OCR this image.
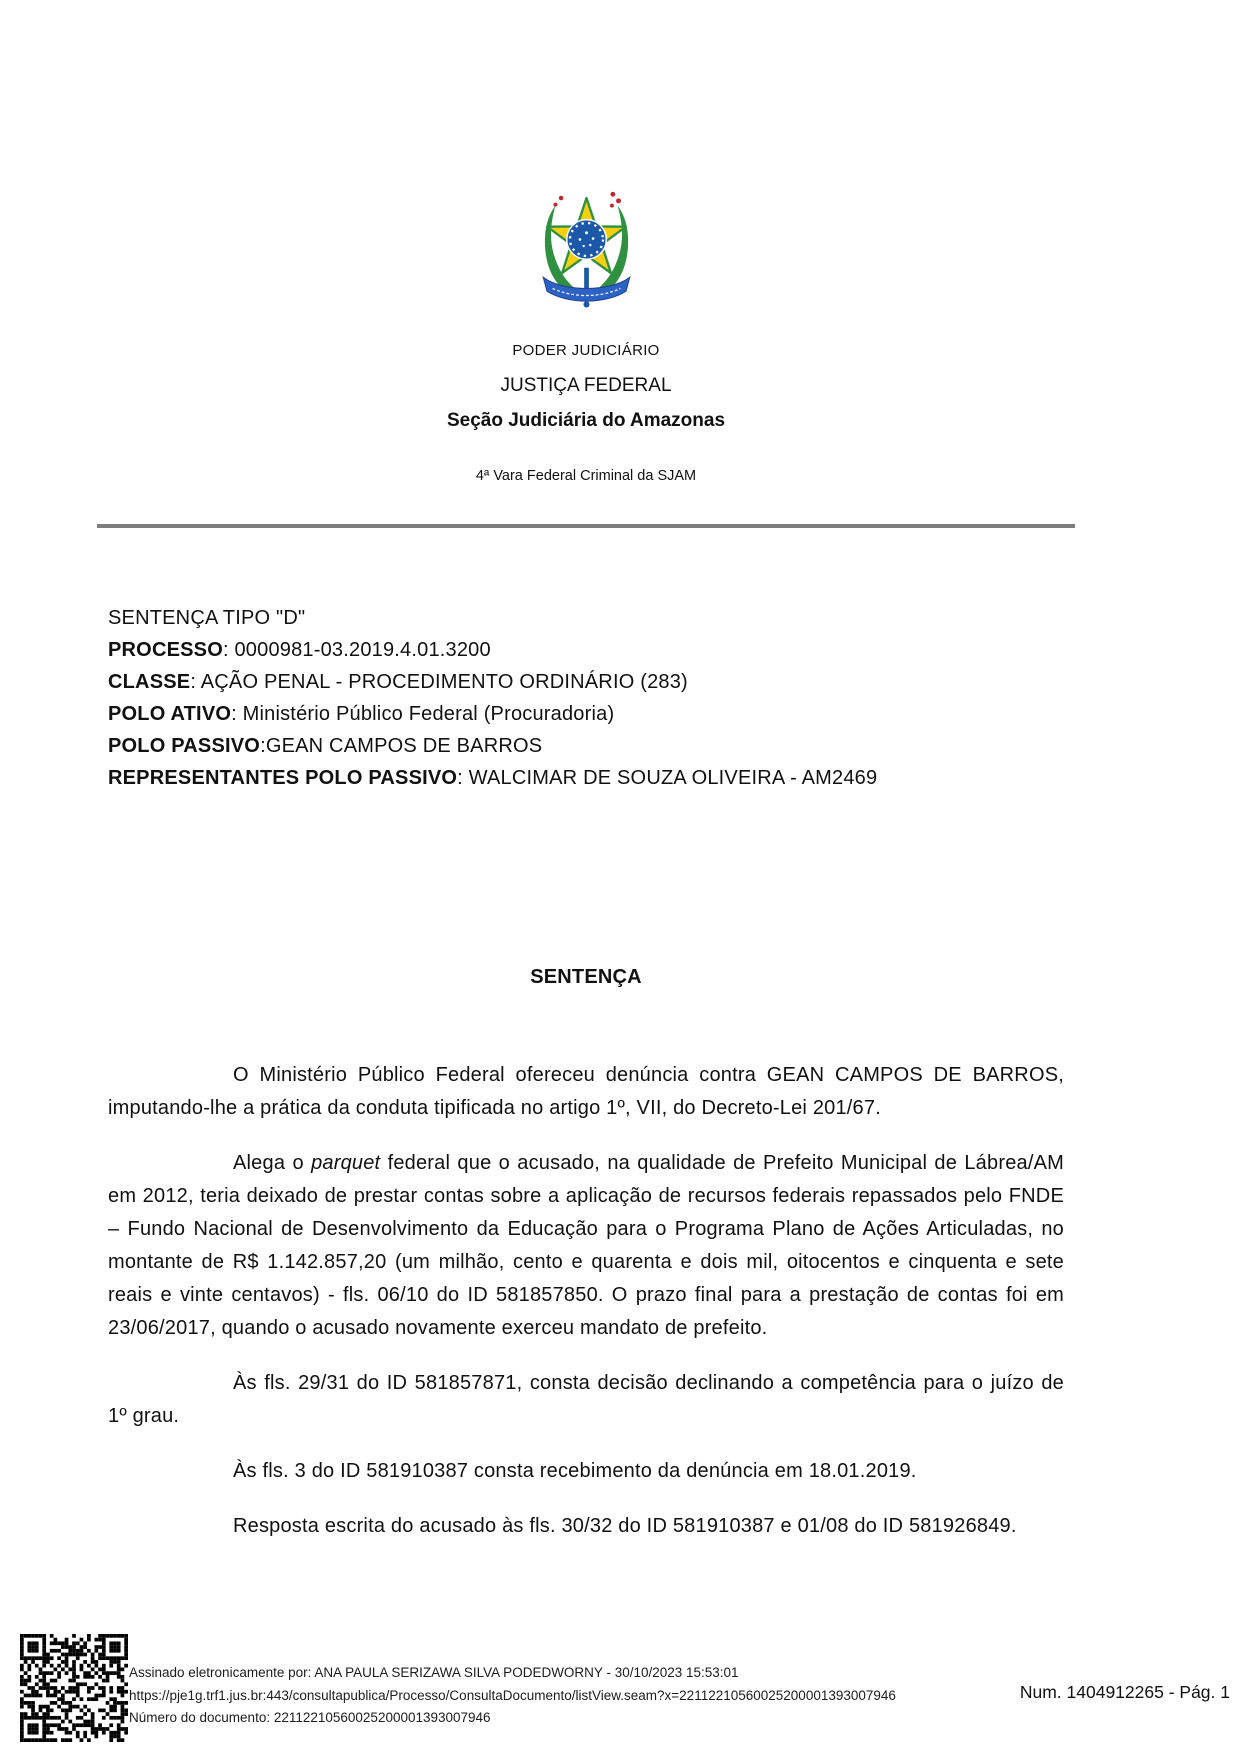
PODER JUDICIÁRIO
JUSTIÇA FEDERAL
Seção Judiciária do Amazonas
4ª Vara Federal Criminal da SJAM
SENTENÇA TIPO "D"
PROCESSO: 0000981-03.2019.4.01.3200
CLASSE: AÇÃO PENAL - PROCEDIMENTO ORDINÁRIO (283)
POLO ATIVO: Ministério Público Federal (Procuradoria)
POLO PASSIVO:GEAN CAMPOS DE BARROS
REPRESENTANTES POLO PASSIVO: WALCIMAR DE SOUZA OLIVEIRA - AM2469
SENTENÇA

O Ministério Público Federal ofereceu denúncia contra GEAN CAMPOS DE BARROS, imputando-lhe a prática da conduta tipificada no artigo 1º, VII, do Decreto-Lei 201/67.

Alega o parquet federal que o acusado, na qualidade de Prefeito Municipal de Lábrea/AM em 2012, teria deixado de prestar contas sobre a aplicação de recursos federais repassados pelo FNDE – Fundo Nacional de Desenvolvimento da Educação para o Programa Plano de Ações Articuladas, no montante de R$ 1.142.857,20 (um milhão, cento e quarenta e dois mil, oitocentos e cinquenta e sete reais e vinte centavos) - fls. 06/10 do ID 581857850. O prazo final para a prestação de contas foi em 23/06/2017, quando o acusado novamente exerceu mandato de prefeito.

Às fls. 29/31 do ID 581857871, consta decisão declinando a competência para o juízo de 1º grau.

Às fls. 3 do ID 581910387 consta recebimento da denúncia em 18.01.2019.

Resposta escrita do acusado às fls. 30/32 do ID 581910387 e 01/08 do ID 581926849.

Assinado eletronicamente por: ANA PAULA SERIZAWA SILVA PODEDWORNY - 30/10/2023 15:53:01
https://pje1g.trf1.jus.br:443/consultapublica/Processo/ConsultaDocumento/listView.seam?x=22112210560025200001393007946
Número do documento: 22112210560025200001393007946
Num. 1404912265 - Pág. 1
